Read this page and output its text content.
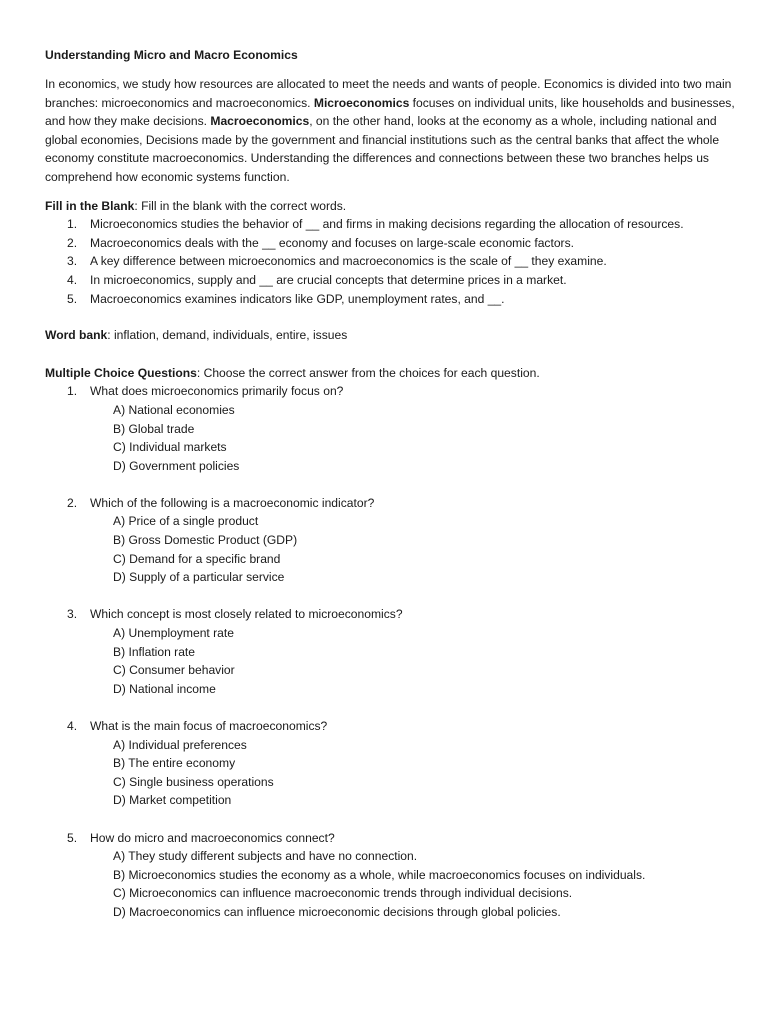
Understanding Micro and Macro Economics

In economics, we study how resources are allocated to meet the needs and wants of people. Economics is divided into two main branches: microeconomics and macroeconomics. Microeconomics focuses on individual units, like households and businesses, and how they make decisions. Macroeconomics, on the other hand, looks at the economy as a whole, including national and global economies, Decisions made by the government and financial institutions such as the central banks that affect the whole economy constitute macroeconomics. Understanding the differences and connections between these two branches helps us comprehend how economic systems function.

Fill in the Blank: Fill in the blank with the correct words.

1. Microeconomics studies the behavior of __ and firms in making decisions regarding the allocation of resources.
2. Macroeconomics deals with the __ economy and focuses on large-scale economic factors.
3. A key difference between microeconomics and macroeconomics is the scale of __ they examine.
4. In microeconomics, supply and __ are crucial concepts that determine prices in a market.
5. Macroeconomics examines indicators like GDP, unemployment rates, and __.

Word bank: inflation, demand, individuals, entire, issues

Multiple Choice Questions: Choose the correct answer from the choices for each question.

1. What does microeconomics primarily focus on?
A) National economies
B) Global trade
C) Individual markets
D) Government policies
2. Which of the following is a macroeconomic indicator?
A) Price of a single product
B) Gross Domestic Product (GDP)
C) Demand for a specific brand
D) Supply of a particular service
3. Which concept is most closely related to microeconomics?
A) Unemployment rate
B) Inflation rate
C) Consumer behavior
D) National income
4. What is the main focus of macroeconomics?
A) Individual preferences
B) The entire economy
C) Single business operations
D) Market competition
5. How do micro and macroeconomics connect?
A) They study different subjects and have no connection.
B) Microeconomics studies the economy as a whole, while macroeconomics focuses on individuals.
C) Microeconomics can influence macroeconomic trends through individual decisions.
D) Macroeconomics can influence microeconomic decisions through global policies.
